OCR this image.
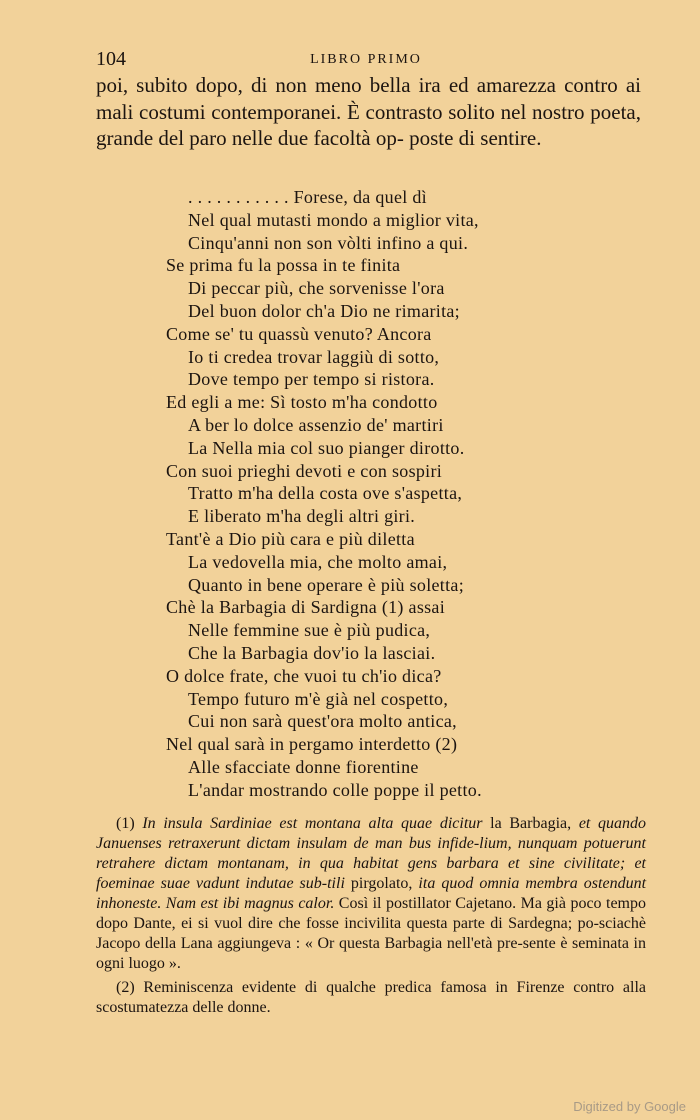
104	LIBRO PRIMO

poi, subito dopo, di non meno bella ira ed amarezza contro ai mali costumi contemporanei. È contrasto solito nel nostro poeta, grande del paro nelle due facoltà op- poste di sentire.

. . . . . . . . . . . Forese, da quel dì
Nel qual mutasti mondo a miglior vita,
Cinqu'anni non son vòlti infino a qui.
Se prima fu la possa in te finita
Di peccar più, che sorvenisse l'ora
Del buon dolor ch'a Dio ne rimarita;
Come se' tu quassù venuto? Ancora
Io ti credea trovar laggiù di sotto,
Dove tempo per tempo si ristora.
Ed egli a me: Sì tosto m'ha condotto
A ber lo dolce assenzio de' martiri
La Nella mia col suo pianger dirotto.
Con suoi prieghi devoti e con sospiri
Tratto m'ha della costa ove s'aspetta,
E liberato m'ha degli altri giri.
Tant'è a Dio più cara e più diletta
La vedovella mia, che molto amai,
Quanto in bene operare è più soletta;
Chè la Barbagia di Sardigna (1) assai
Nelle femmine sue è più pudica,
Che la Barbagia dov'io la lasciai.
O dolce frate, che vuoi tu ch'io dica?
Tempo futuro m'è già nel cospetto,
Cui non sarà quest'ora molto antica,
Nel qual sarà in pergamo interdetto (2)
Alle sfacciate donne fiorentine
L'andar mostrando colle poppe il petto.

(1) In insula Sardiniae est montana alta quae dicitur la Barbagia, et quando Januenses retraxerunt dictam insulam de man bus infide-lium, nunquam potuerunt retrahere dictam montanam, in qua habitat gens barbara et sine civilitate; et foeminae suae vadunt indutae sub-tili pirgolato, ita quod omnia membra ostendunt inhoneste. Nam est ibi magnus calor. Così il postillator Cajetano. Ma già poco tempo dopo Dante, ei si vuol dire che fosse incivilita questa parte di Sardegna; po-sciachè Jacopo della Lana aggiungeva : « Or questa Barbagia nell'età pre-sente è seminata in ogni luogo ».

(2) Reminiscenza evidente di qualche predica famosa in Firenze contro alla scostumatezza delle donne.

Digitized by Google
